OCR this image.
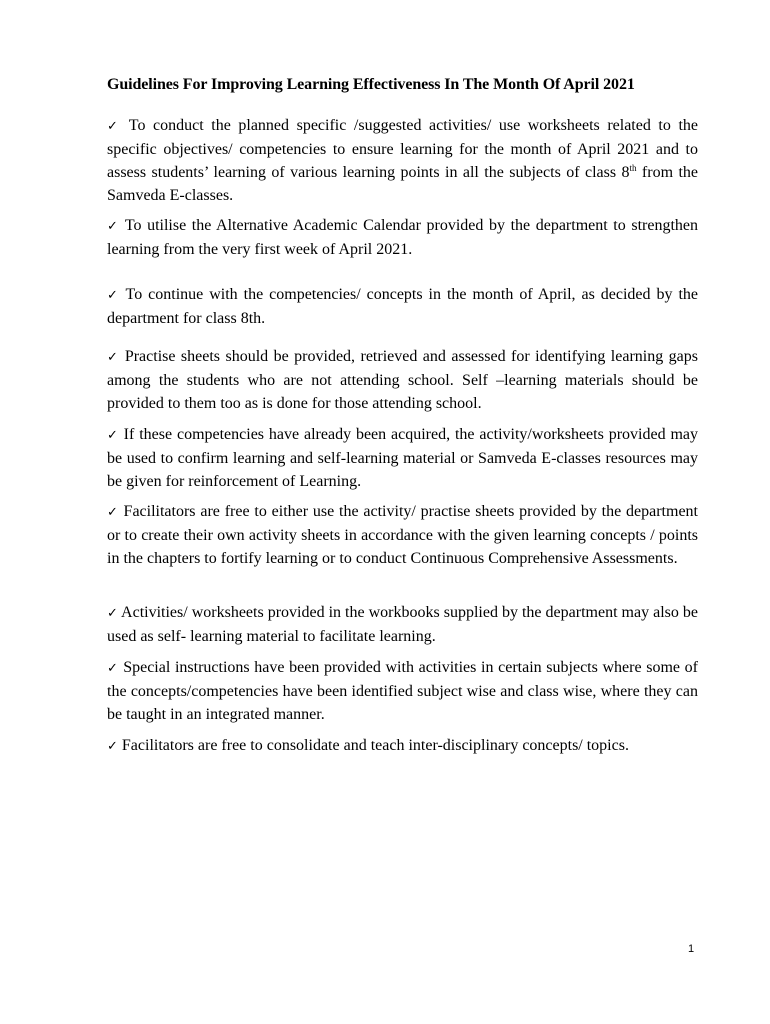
Guidelines For Improving Learning Effectiveness In The Month Of April 2021
✓ To conduct the planned specific /suggested activities/ use worksheets related to the specific objectives/ competencies to ensure learning for the month of April 2021 and to assess students’ learning of various learning points in all the subjects of class 8th from the Samveda E-classes.
✓ To utilise the Alternative Academic Calendar provided by the department to strengthen learning from the very first week of April 2021.
✓ To continue with the competencies/ concepts in the month of April, as decided by the department for class 8th.
✓ Practise sheets should be provided, retrieved and assessed for identifying learning gaps among the students who are not attending school. Self –learning materials should be provided to them too as is done for those attending school.
✓ If these competencies have already been acquired, the activity/worksheets provided may be used to confirm learning and self-learning material or Samveda E-classes resources may be given for reinforcement of Learning.
✓ Facilitators are free to either use the activity/ practise sheets provided by the department or to create their own activity sheets in accordance with the given learning concepts / points in the chapters to fortify learning or to conduct Continuous Comprehensive Assessments.
✓ Activities/ worksheets provided in the workbooks supplied by the department may also be used as self- learning material to facilitate learning.
✓ Special instructions have been provided with activities in certain subjects where some of the concepts/competencies have been identified subject wise and class wise, where they can be taught in an integrated manner.
✓ Facilitators are free to consolidate and teach inter-disciplinary concepts/ topics.
1
